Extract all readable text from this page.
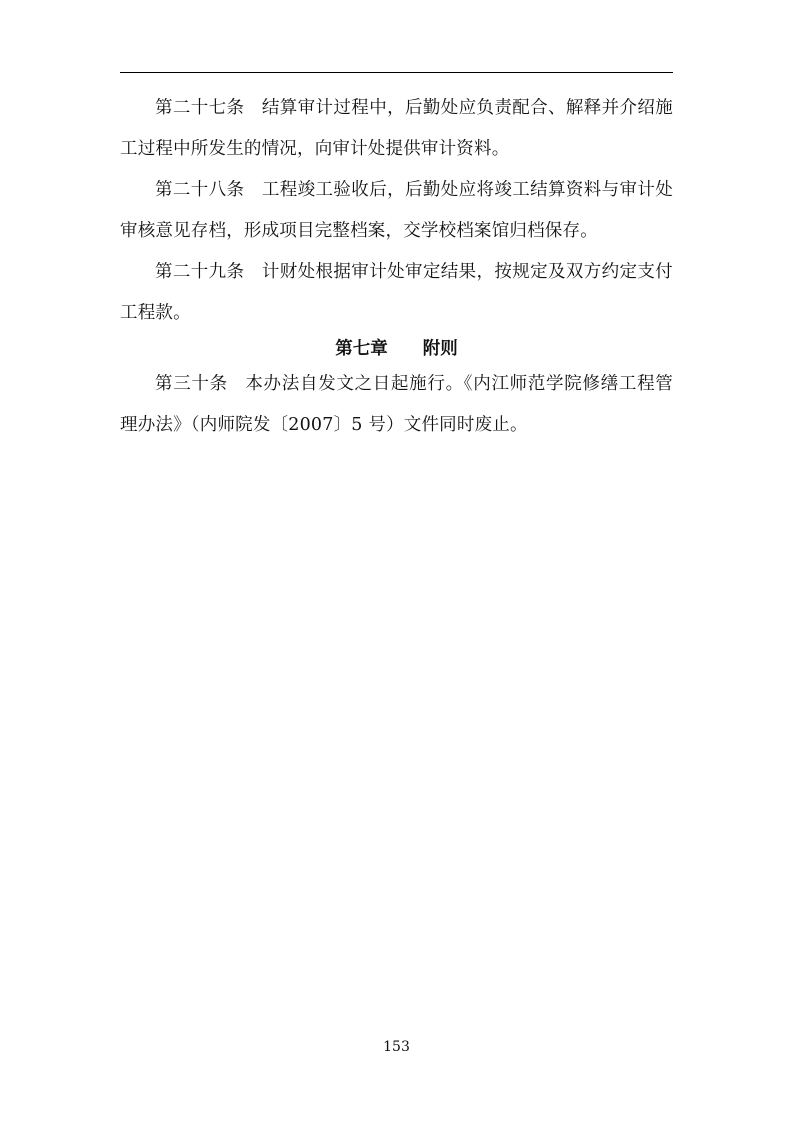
第二十七条 结算审计过程中，后勤处应负责配合、解释并介绍施工过程中所发生的情况，向审计处提供审计资料。

第二十八条 工程竣工验收后，后勤处应将竣工结算资料与审计处审核意见存档，形成项目完整档案，交学校档案馆归档保存。

第二十九条 计财处根据审计处审定结果，按规定及双方约定支付工程款。

第七章 附则

第三十条 本办法自发文之日起施行。《内江师范学院修缮工程管理办法》（内师院发〔2007〕5 号）文件同时废止。

153
